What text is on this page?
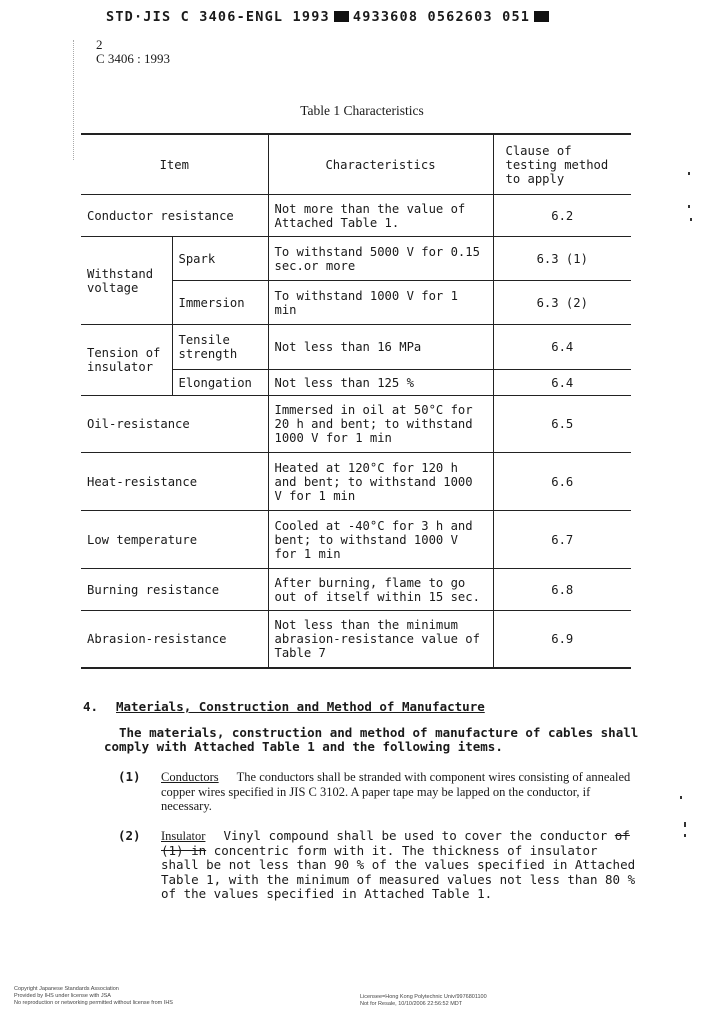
STD·JIS C 3406-ENGL 1993 4933608 0562603 051
2
C 3406 : 1993
Table 1 Characteristics
Item		Characteristics	Clause of testing method to apply
Conductor resistance		Not more than the value of Attached Table 1.	6.2
Withstand voltage	Spark	To withstand 5000 V for 0.15 sec.or more	6.3 (1)
	Immersion	To withstand 1000 V for 1 min	6.3 (2)
Tension of insulator	Tensile strength	Not less than 16 MPa	6.4
	Elongation	Not less than 125 %	6.4
Oil-resistance		Immersed in oil at 50°C for 20 h and bent; to withstand 1000 V for 1 min	6.5
Heat-resistance		Heated at 120°C for 120 h and bent; to withstand 1000 V for 1 min	6.6
Low temperature		Cooled at -40°C for 3 h and bent; to withstand 1000 V for 1 min	6.7
Burning resistance		After burning, flame to go out of itself within 15 sec.	6.8
Abrasion-resistance		Not less than the minimum abrasion-resistance value of Table 7	6.9
4. Materials, Construction and Method of Manufacture
The materials, construction and method of manufacture of cables shall comply with Attached Table 1 and the following items.
(1) Conductors The conductors shall be stranded with component wires consisting of annealed copper wires specified in JIS C 3102. A paper tape may be lapped on the conductor, if necessary.
(2) Insulator Vinyl compound shall be used to cover the conductor of (1) in concentric form with it. The thickness of insulator shall be not less than 90 % of the values specified in Attached Table 1, with the minimum of measured values not less than 80 % of the values specified in Attached Table 1.
Copyright Japanese Standards Association
Provided by IHS under license with JSA
No reproduction or networking permitted without license from IHS
Licensee=Hong Kong Polytechnic Univ/9976801100
Not for Resale, 10/10/2006 22:56:52 MDT
